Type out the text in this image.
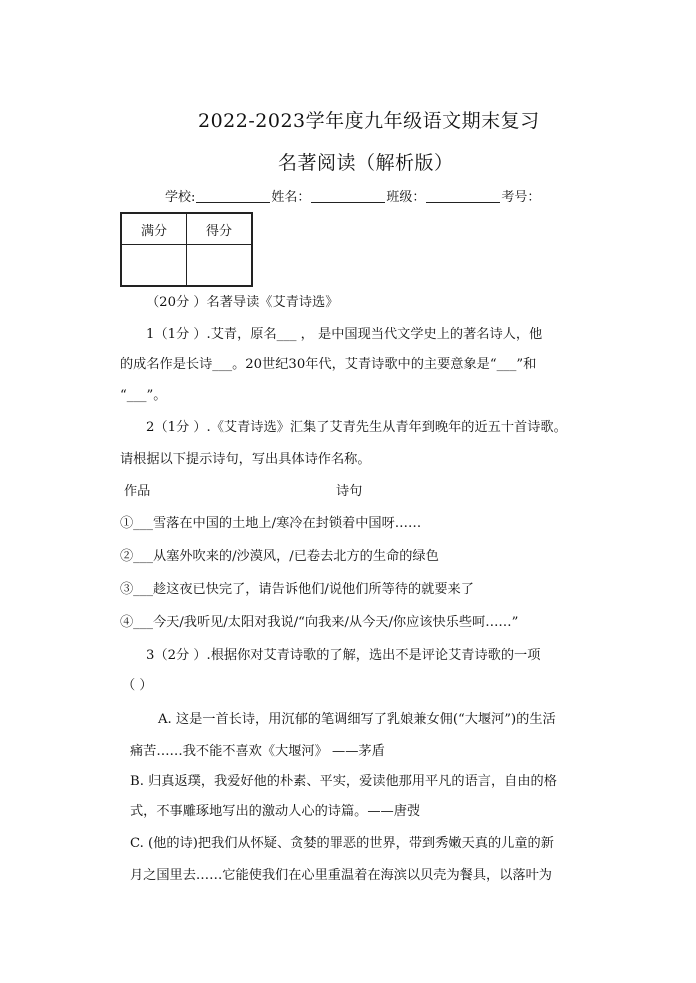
2022-2023学年度九年级语文期末复习
名著阅读（解析版）
学校:	姓名：	班级：	考号：
满分	得分

（20分 ）名著导读《艾青诗选》
1（1分 ）.艾青，原名___ ， 是中国现当代文学史上的著名诗人，他
的成名作是长诗___。20世纪30年代，艾青诗歌中的主要意象是“___”和
“___”。
2（1分 ）.《艾青诗选》汇集了艾青先生从青年到晚年的近五十首诗歌。
请根据以下提示诗句，写出具体诗作名称。
作品	诗句
①___雪落在中国的土地上/寒冷在封锁着中国呀……
②___从塞外吹来的/沙漠风，/已卷去北方的生命的绿色
③___趁这夜已快完了，请告诉他们/说他们所等待的就要来了
④___今天/我听见/太阳对我说/“向我来/从今天/你应该快乐些呵……”
3（2分 ）.根据你对艾青诗歌的了解，选出不是评论艾青诗歌的一项
（ ）
A. 这是一首长诗，用沉郁的笔调细写了乳娘兼女佣(“大堰河”)的生活
痛苦……我不能不喜欢《大堰河》 ——茅盾
B. 归真返璞，我爱好他的朴素、平实，爱读他那用平凡的语言，自由的格
式，不事雕琢地写出的激动人心的诗篇。——唐弢
C. (他的诗)把我们从怀疑、贪婪的罪恶的世界，带到秀嫩天真的儿童的新
月之国里去……它能使我们在心里重温着在海滨以贝壳为餐具，以落叶为
